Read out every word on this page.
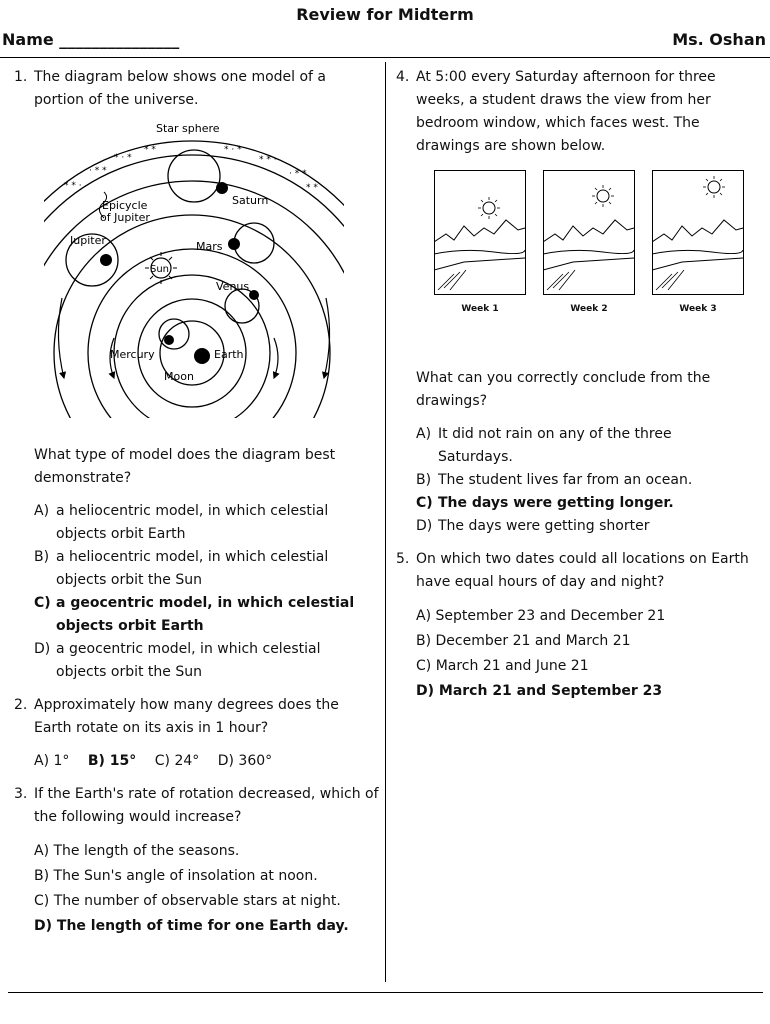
Review for Midterm
Name _______________	Ms. Oshan
1. The diagram below shows one model of a portion of the universe.
Star sphere
* * ·
· * *
* · *
* *	* · *
* * ·
· * *
* *
Saturn
Epicycle
of Jupiter
Jupiter	Mars
Sun
Venus
Mercury	Earth
Moon
What type of model does the diagram best demonstrate?
A) a heliocentric model, in which celestial
objects orbit Earth
B) a heliocentric model, in which celestial
objects orbit the Sun
C) a geocentric model, in which celestial
objects orbit Earth
D) a geocentric model, in which celestial
objects orbit the Sun
2. Approximately how many degrees does the Earth rotate on its axis in 1 hour?
A) 1° B) 15° C) 24° D) 360°
3. If the Earth's rate of rotation decreased, which of the following would increase?
A) The length of the seasons.
B) The Sun's angle of insolation at noon.
C) The number of observable stars at night.
D) The length of time for one Earth day.
4. At 5:00 every Saturday afternoon for three weeks, a student draws the view from her bedroom window, which faces west. The drawings are shown below.
Week 1	Week 2	Week 3
What can you correctly conclude from the drawings?
A) It did not rain on any of the three
Saturdays.
B) The student lives far from an ocean.
C) The days were getting longer.
D) The days were getting shorter
5. On which two dates could all locations on Earth have equal hours of day and night?
A) September 23 and December 21
B) December 21 and March 21
C) March 21 and June 21
D) March 21 and September 23
